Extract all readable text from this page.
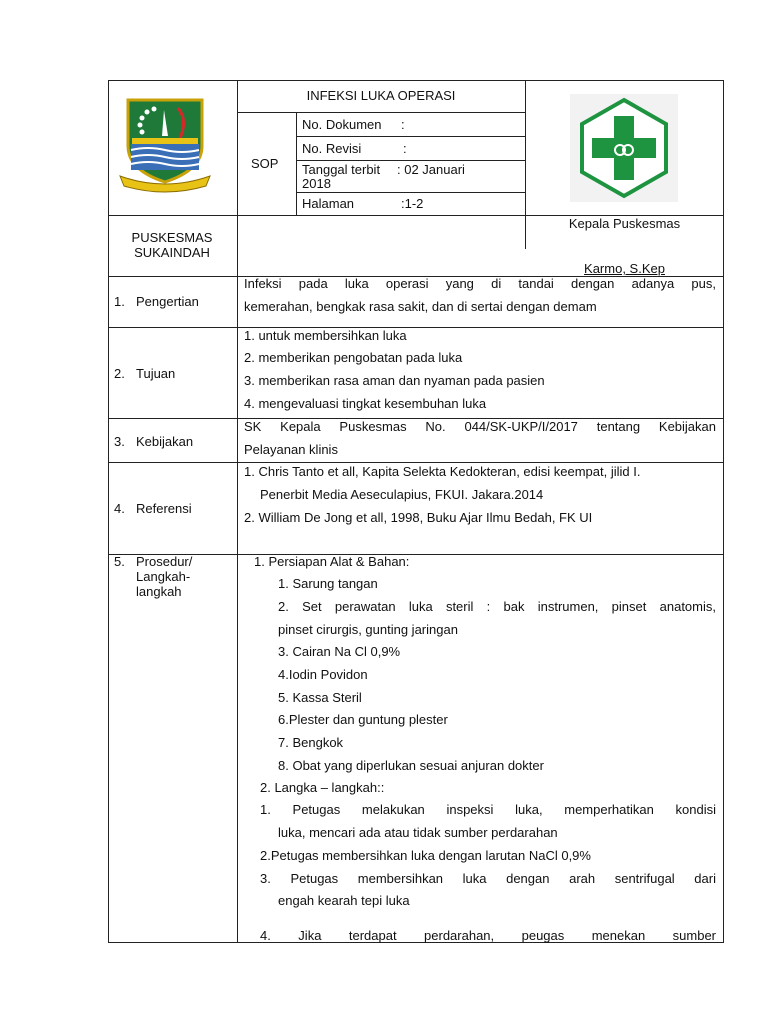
INFEKSI LUKA OPERASI
SOP
No. Dokumen :
No. Revisi	:
Tanggal terbit : 02 Januari
2018
Halaman	:1-2
PUSKESMAS
SUKAINDAH
Kepala Puskesmas
Karmo, S.Kep
1. Pengertian
Infeksi pada luka operasi yang di tandai dengan adanya pus,
kemerahan, bengkak rasa sakit, dan di sertai dengan demam
2. Tujuan
1. untuk membersihkan luka
2. memberikan pengobatan pada luka
3. memberikan rasa aman dan nyaman pada pasien
4. mengevaluasi tingkat kesembuhan luka
3. Kebijakan
SK Kepala Puskesmas No. 044/SK-UKP/I/2017 tentang Kebijakan
Pelayanan klinis
4. Referensi
1. Chris Tanto et all, Kapita Selekta Kedokteran, edisi keempat, jilid I.
Penerbit Media Aeseculapius, FKUI. Jakara.2014
2. William De Jong et all, 1998, Buku Ajar Ilmu Bedah, FK UI
5. Prosedur/
Langkah-
langkah
1. Persiapan Alat & Bahan:
1. Sarung tangan
2. Set perawatan luka steril : bak instrumen, pinset anatomis,
pinset cirurgis, gunting jaringan
3. Cairan Na Cl 0,9%
4.Iodin Povidon
5. Kassa Steril
6.Plester dan guntung plester
7. Bengkok
8. Obat yang diperlukan sesuai anjuran dokter
2. Langka – langkah::
1. Petugas melakukan inspeksi luka, memperhatikan kondisi
luka, mencari ada atau tidak sumber perdarahan
2.Petugas membersihkan luka dengan larutan NaCl 0,9%
3. Petugas membersihkan luka dengan arah sentrifugal dari
engah kearah tepi luka
4. Jika terdapat perdarahan, peugas menekan sumber
